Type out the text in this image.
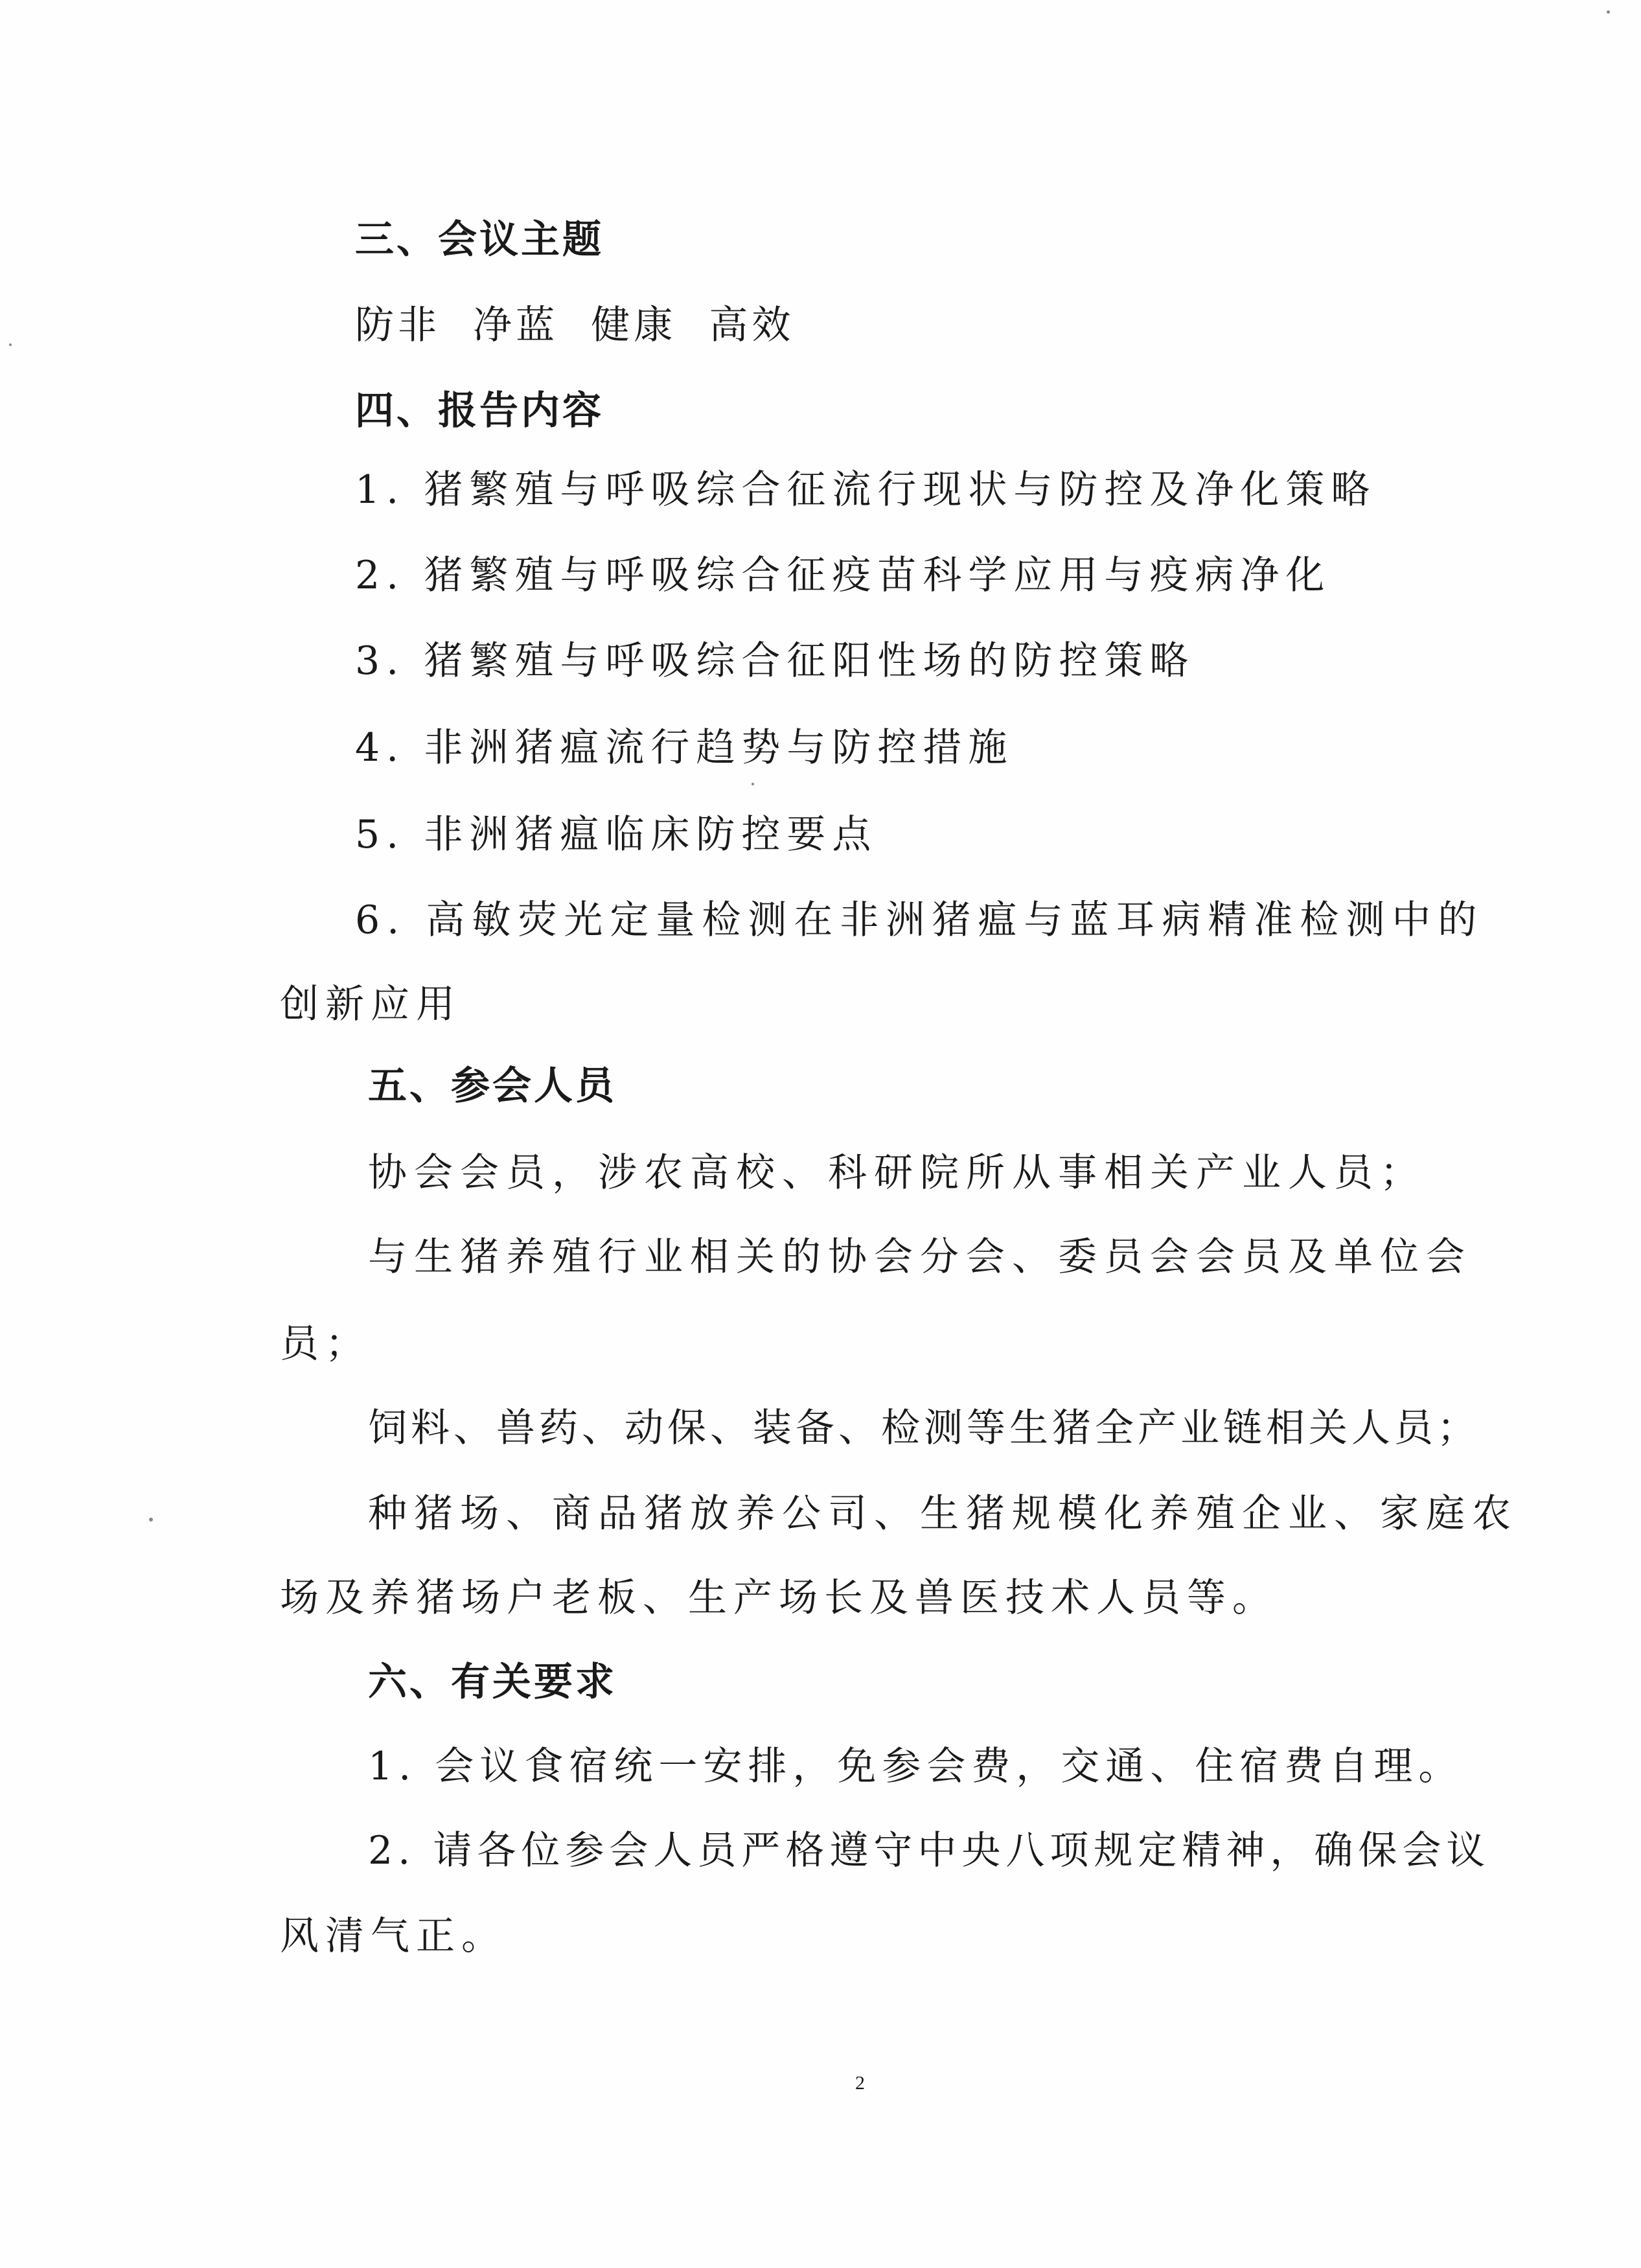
三、会议主题
防非  净蓝  健康  高效
四、报告内容
1. 猪繁殖与呼吸综合征流行现状与防控及净化策略
2. 猪繁殖与呼吸综合征疫苗科学应用与疫病净化
3. 猪繁殖与呼吸综合征阳性场的防控策略
4. 非洲猪瘟流行趋势与防控措施
5. 非洲猪瘟临床防控要点
6. 高敏荧光定量检测在非洲猪瘟与蓝耳病精准检测中的
创新应用
五、参会人员
协会会员，涉农高校、科研院所从事相关产业人员；
与生猪养殖行业相关的协会分会、委员会会员及单位会
员；
饲料、兽药、动保、装备、检测等生猪全产业链相关人员；
种猪场、商品猪放养公司、生猪规模化养殖企业、家庭农
场及养猪场户老板、生产场长及兽医技术人员等。
六、有关要求
1. 会议食宿统一安排，免参会费，交通、住宿费自理。
2. 请各位参会人员严格遵守中央八项规定精神，确保会议
风清气正。
2
